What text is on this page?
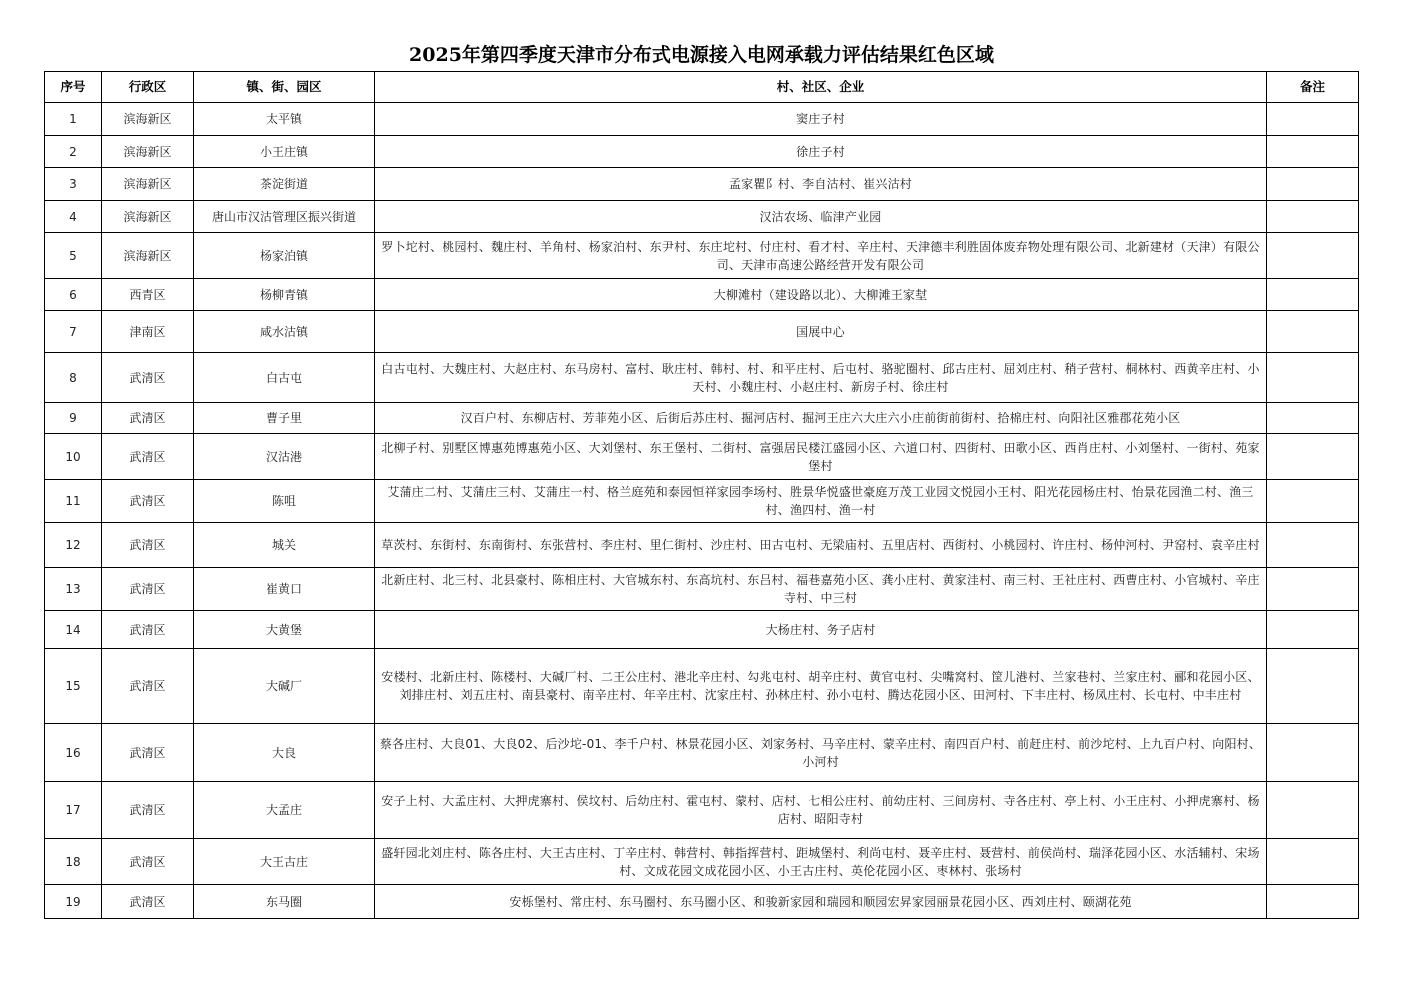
2025年第四季度天津市分布式电源接入电网承载力评估结果红色区域
序号	行政区	镇、街、园区	村、社区、企业	备注
1	滨海新区	太平镇	窦庄子村	
2	滨海新区	小王庄镇	徐庄子村	
3	滨海新区	茶淀街道	孟家瞿阝村、李自沽村、崔兴沽村	
4	滨海新区	唐山市汉沽管理区振兴街道	汉沽农场、临津产业园	
5	滨海新区	杨家泊镇	罗卜坨村、桃园村、魏庄村、羊角村、杨家泊村、东尹村、东庄坨村、付庄村、看才村、辛庄村、天津德丰利胜固体废弃物处理有限公司、北新建材（天津）有限公司、天津市高速公路经营开发有限公司	
6	西青区	杨柳青镇	大柳滩村（建设路以北）、大柳滩王家堼	
7	津南区	咸水沽镇	国展中心	
8	武清区	白古屯	白古屯村、大魏庄村、大赵庄村、东马房村、富村、耿庄村、韩村、村、和平庄村、后屯村、骆驼圈村、邱古庄村、屈刘庄村、稍子营村、桐林村、西黄辛庄村、小天村、小魏庄村、小赵庄村、新房子村、徐庄村	
9	武清区	曹子里	汉百户村、东柳店村、芳菲苑小区、后街后苏庄村、掘河店村、掘河王庄六大庄六小庄前街前街村、拾棉庄村、向阳社区雅郡花苑小区	
10	武清区	汉沽港	北柳子村、别墅区博惠苑博惠苑小区、大刘堡村、东王堡村、二街村、富强居民楼江盛园小区、六道口村、四街村、田歌小区、西肖庄村、小刘堡村、一街村、苑家堡村	
11	武清区	陈咀	艾蒲庄二村、艾蒲庄三村、艾蒲庄一村、格兰庭苑和泰园恒祥家园李场村、胜景华悦盛世豪庭万茂工业园文悦园小王村、阳光花园杨庄村、怡景花园渔二村、渔三村、渔四村、渔一村	
12	武清区	城关	草茨村、东街村、东南街村、东张营村、李庄村、里仁街村、沙庄村、田古屯村、无梁庙村、五里店村、西街村、小桃园村、许庄村、杨仲河村、尹窑村、袁辛庄村	
13	武清区	崔黄口	北新庄村、北三村、北县豪村、陈相庄村、大官城东村、东高坑村、东吕村、福巷嘉苑小区、龚小庄村、黄家洼村、南三村、王社庄村、西曹庄村、小官城村、辛庄寺村、中三村	
14	武清区	大黄堡	大杨庄村、务子店村	
15	武清区	大碱厂	安楼村、北新庄村、陈楼村、大碱厂村、二王公庄村、港北辛庄村、勾兆屯村、胡辛庄村、黄官屯村、尖嘴窝村、筐儿港村、兰家巷村、兰家庄村、郦和花园小区、刘排庄村、刘五庄村、南县豪村、南辛庄村、年辛庄村、沈家庄村、孙林庄村、孙小屯村、腾达花园小区、田河村、下丰庄村、杨凤庄村、长屯村、中丰庄村	
16	武清区	大良	蔡各庄村、大良01、大良02、后沙坨-01、李千户村、林景花园小区、刘家务村、马辛庄村、蒙辛庄村、南四百户村、前赶庄村、前沙坨村、上九百户村、向阳村、小河村	
17	武清区	大孟庄	安子上村、大孟庄村、大押虎寨村、侯坟村、后幼庄村、霍屯村、蒙村、店村、七相公庄村、前幼庄村、三间房村、寺各庄村、亭上村、小王庄村、小押虎寨村、杨店村、昭阳寺村	
18	武清区	大王古庄	盛轩园北刘庄村、陈各庄村、大王古庄村、丁辛庄村、韩营村、韩指挥营村、距城堡村、利尚屯村、聂辛庄村、聂营村、前侯尚村、瑞泽花园小区、水活辅村、宋场村、文成花园文成花园小区、小王古庄村、英伦花园小区、枣林村、张场村	
19	武清区	东马圈	安栎堡村、常庄村、东马圈村、东马圈小区、和骏新家园和瑞园和顺园宏昇家园丽景花园小区、西刘庄村、颐湖花苑	
